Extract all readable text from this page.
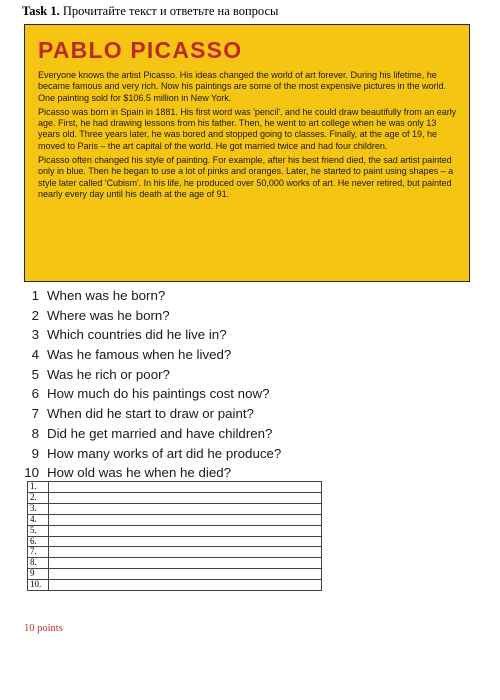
Task 1. Прочитайте текст и ответьте на вопросы
PABLO PICASSO

Everyone knows the artist Picasso. His ideas changed the world of art forever. During his lifetime, he became famous and very rich. Now his paintings are some of the most expensive pictures in the world. One painting sold for $106.5 million in New York.

Picasso was born in Spain in 1881. His first word was 'pencil', and he could draw beautifully from an early age. First, he had drawing lessons from his father. Then, he went to art college when he was only 13 years old. Three years later, he was bored and stopped going to classes. Finally, at the age of 19, he moved to Paris – the art capital of the world. He got married twice and had four children.

Picasso often changed his style of painting. For example, after his best friend died, the sad artist painted only in blue. Then he began to use a lot of pinks and oranges. Later, he started to paint using shapes – a style later called 'Cubism'. In his life, he produced over 50,000 works of art. He never retired, but painted nearly every day until his death at the age of 91.

1 When was he born?
2 Where was he born?
3 Which countries did he live in?
4 Was he famous when he lived?
5 Was he rich or poor?
6 How much do his paintings cost now?
7 When did he start to draw or paint?
8 Did he get married and have children?
9 How many works of art did he produce?
10 How old was he when he died?
1.	
2.	
3.	
4.	
5.	
6.	
7.	
8.	
9	
10.	
10 points
